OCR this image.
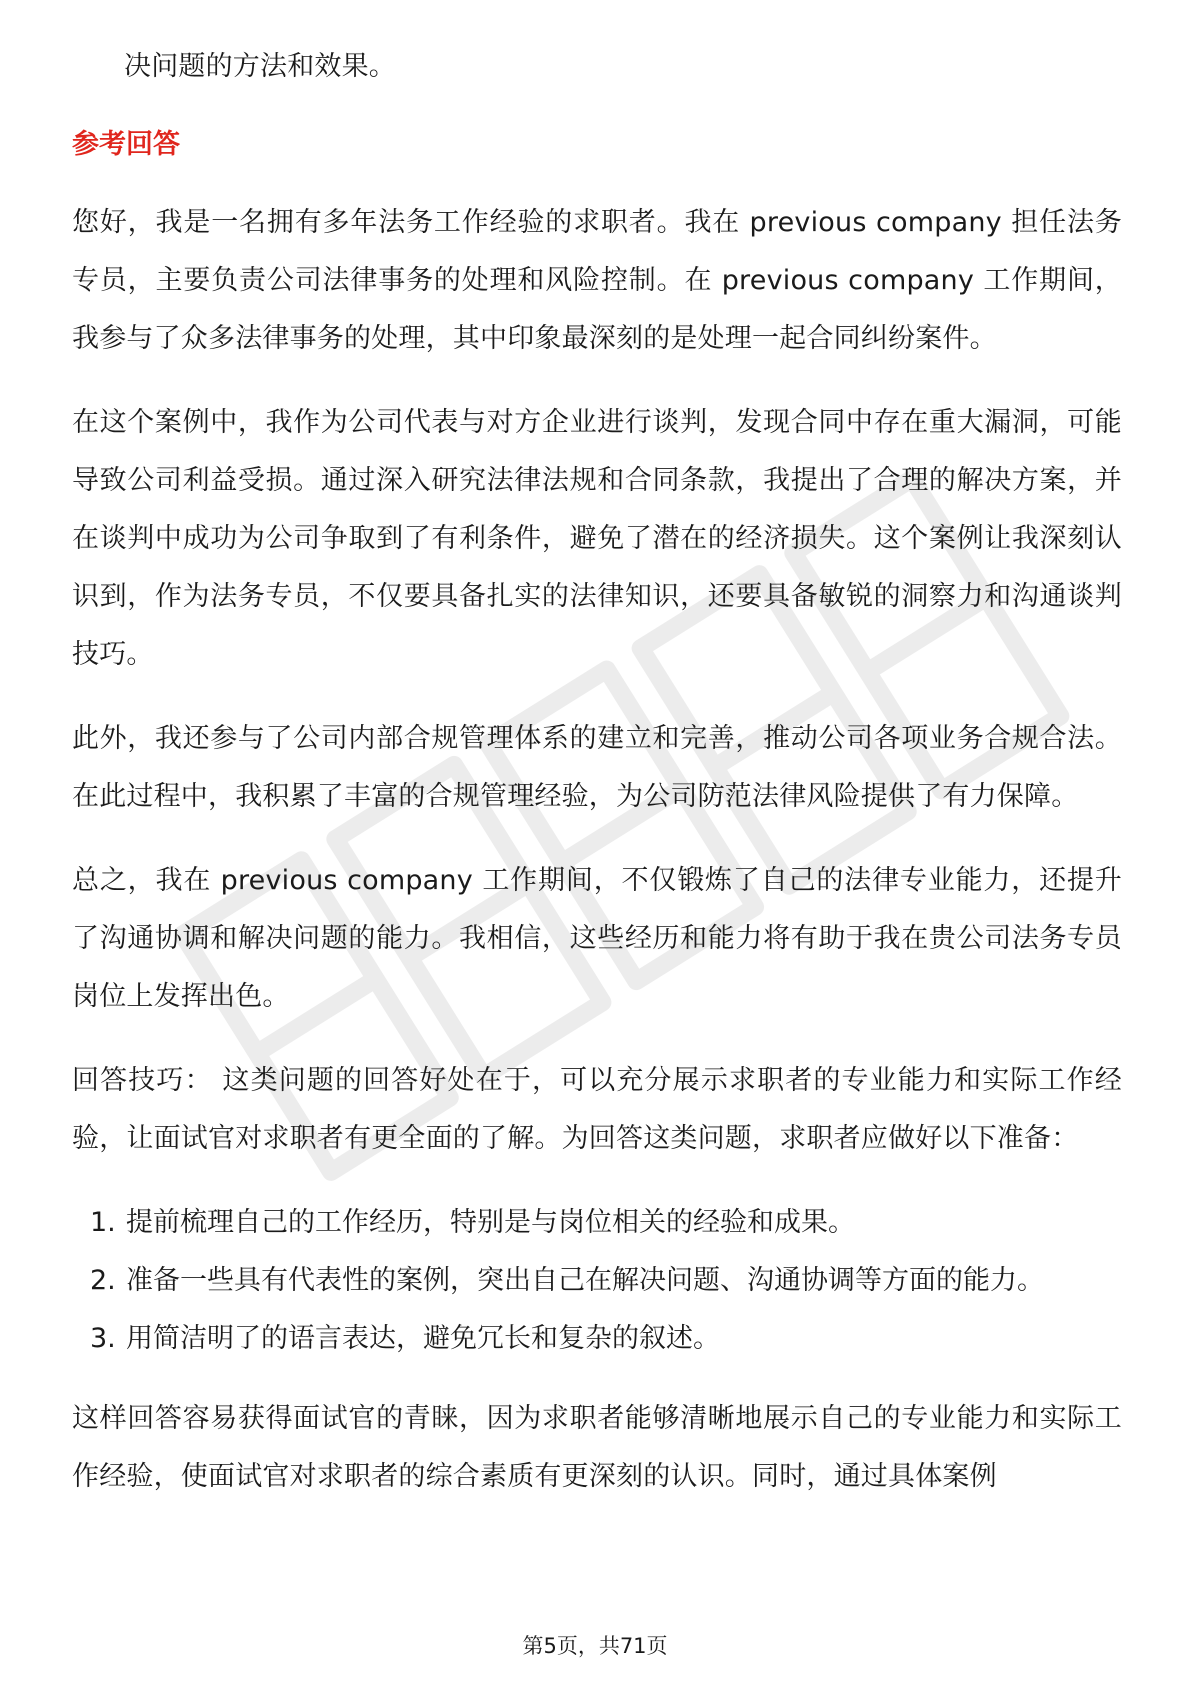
决问题的方法和效果。

参考回答

您好，我是一名拥有多年法务工作经验的求职者。我在 previous company 担任法务专员，主要负责公司法律事务的处理和风险控制。在 previous company 工作期间，我参与了众多法律事务的处理，其中印象最深刻的是处理一起合同纠纷案件。

在这个案例中，我作为公司代表与对方企业进行谈判，发现合同中存在重大漏洞，可能导致公司利益受损。通过深入研究法律法规和合同条款，我提出了合理的解决方案，并在谈判中成功为公司争取到了有利条件，避免了潜在的经济损失。这个案例让我深刻认识到，作为法务专员，不仅要具备扎实的法律知识，还要具备敏锐的洞察力和沟通谈判技巧。

此外，我还参与了公司内部合规管理体系的建立和完善，推动公司各项业务合规合法。在此过程中，我积累了丰富的合规管理经验，为公司防范法律风险提供了有力保障。

总之，我在 previous company 工作期间，不仅锻炼了自己的法律专业能力，还提升了沟通协调和解决问题的能力。我相信，这些经历和能力将有助于我在贵公司法务专员岗位上发挥出色。

回答技巧： 这类问题的回答好处在于，可以充分展示求职者的专业能力和实际工作经验，让面试官对求职者有更全面的了解。为回答这类问题，求职者应做好以下准备：

1. 提前梳理自己的工作经历，特别是与岗位相关的经验和成果。
2. 准备一些具有代表性的案例，突出自己在解决问题、沟通协调等方面的能力。
3. 用简洁明了的语言表达，避免冗长和复杂的叙述。

这样回答容易获得面试官的青睐，因为求职者能够清晰地展示自己的专业能力和实际工作经验，使面试官对求职者的综合素质有更深刻的认识。同时，通过具体案例

第5页，共71页
